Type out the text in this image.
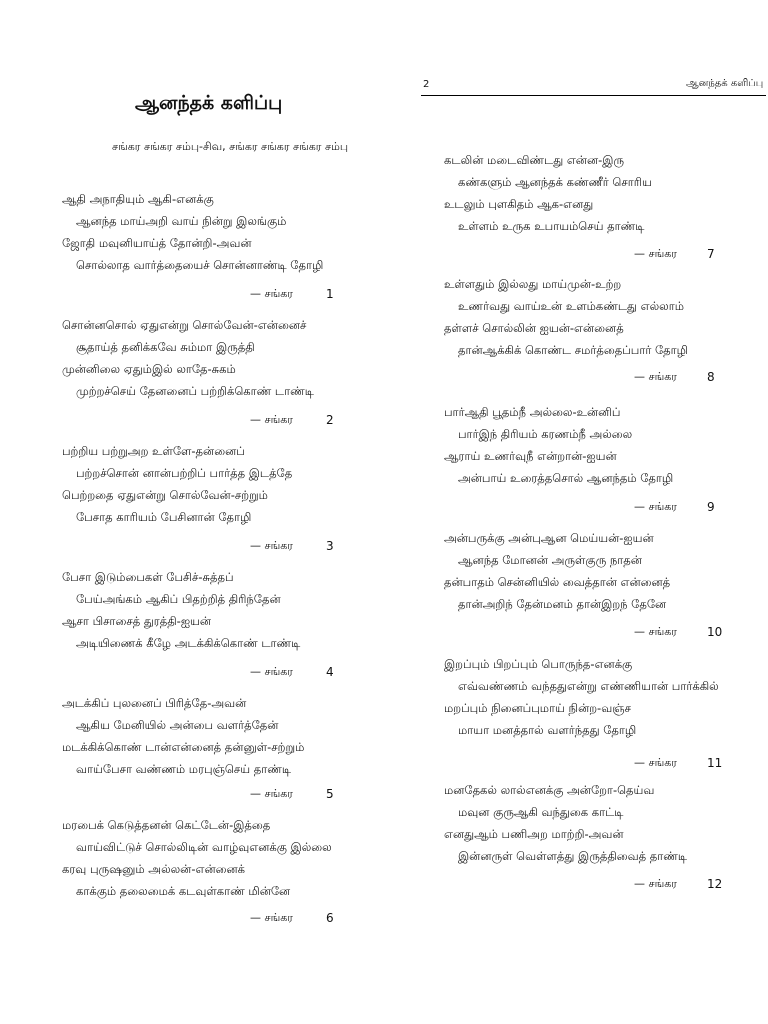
ஆனந்தக் களிப்பு
சங்கர சங்கர சம்பு-சிவ, சங்கர சங்கர சங்கர சம்பு
2	ஆனந்தக் களிப்பு
ஆதி அநாதியும் ஆகி-எனக்கு
ஆனந்த மாய்அறி வாய் நின்று இலங்கும்
ஜோதி மவுனியாய்த் தோன்றி-அவன்
சொல்லாத வார்த்தையைச் சொன்னாண்டி தோழி
— சங்கர	1
சொன்னசொல் ஏதுஎன்று சொல்வேன்-என்னைச்
சூதாய்த் தனிக்கவே சும்மா இருத்தி
முன்னிலை ஏதும்இல் லாதே-சுகம்
முற்றச்செய் தேனனைப் பற்றிக்கொண் டாண்டி
— சங்கர	2
பற்றிய பற்றுஅற உள்ளே-தன்னைப்
பற்றச்சொன் னான்பற்றிப் பார்த்த இடத்தே
பெற்றதை ஏதுஎன்று சொல்வேன்-சற்றும்
பேசாத காரியம் பேசினான் தோழி
— சங்கர	3
பேசா இடும்பைகள் பேசிச்-சுத்தப்
பேய்அங்கம் ஆகிப் பிதற்றித் திரிந்தேன்
ஆசா பிசாசைத் துரத்தி-ஐயன்
அடியிணைக் கீழே அடக்கிக்கொண் டாண்டி
— சங்கர	4
அடக்கிப் புலனைப் பிரித்தே-அவன்
ஆகிய மேனியில் அன்பை வளர்த்தேன்
மடக்கிக்கொண் டான்என்னைத் தன்னுள்-சற்றும்
வாய்பேசா வண்ணம் மரபுஞ்செய் தாண்டி
— சங்கர	5
மரபைக் கெடுத்தனன் கெட்டேன்-இத்தை
வாய்விட்டுச் சொல்லிடின் வாழ்வுஎனக்கு இல்லை
கரவு புருஷனும் அல்லன்-என்னைக்
காக்கும் தலைமைக் கடவுள்காண் மின்னே
— சங்கர	6
கடலின் மடைவிண்டது என்ன-இரு
கண்களும் ஆனந்தக் கண்ணீர் சொரிய
உடலும் புளகிதம் ஆக-எனது
உள்ளம் உருக உபாயம்செய் தாண்டி
— சங்கர	7
உள்ளதும் இல்லது மாய்முன்-உற்ற
உணர்வது வாய்உன் உளம்கண்டது எல்லாம்
தள்ளச் சொல்லின் ஐயன்-என்னைத்
தான்ஆக்கிக் கொண்ட சமர்த்தைப்பார் தோழி
— சங்கர	8
பார்ஆதி பூதம்நீ அல்லை-உன்னிப்
பார்இந் திரியம் கரணம்நீ அல்லை
ஆராய் உணர்வுநீ என்றான்-ஐயன்
அன்பாய் உரைத்தசொல் ஆனந்தம் தோழி
— சங்கர	9
அன்பருக்கு அன்புஆன மெய்யன்-ஐயன்
ஆனந்த மோனன் அருள்குரு நாதன்
தன்பாதம் சென்னியில் வைத்தான் என்னைத்
தான்அறிந் தேன்மனம் தான்இறந் தேனே
— சங்கர	10
இறப்பும் பிறப்பும் பொருந்த-எனக்கு
எவ்வண்ணம் வந்ததுஎன்று எண்ணியான் பார்க்கில்
மறப்பும் நினைப்புமாய் நின்ற-வஞ்ச
மாயா மனத்தால் வளர்ந்தது தோழி
— சங்கர	11
மனதேகல் லால்எனக்கு அன்றோ-தெய்வ
மவுன குருஆகி வந்துகை காட்டி
எனதுஆம் பணிஅற மாற்றி-அவன்
இன்னருள் வெள்ளத்து இருத்திவைத் தாண்டி
— சங்கர	12
